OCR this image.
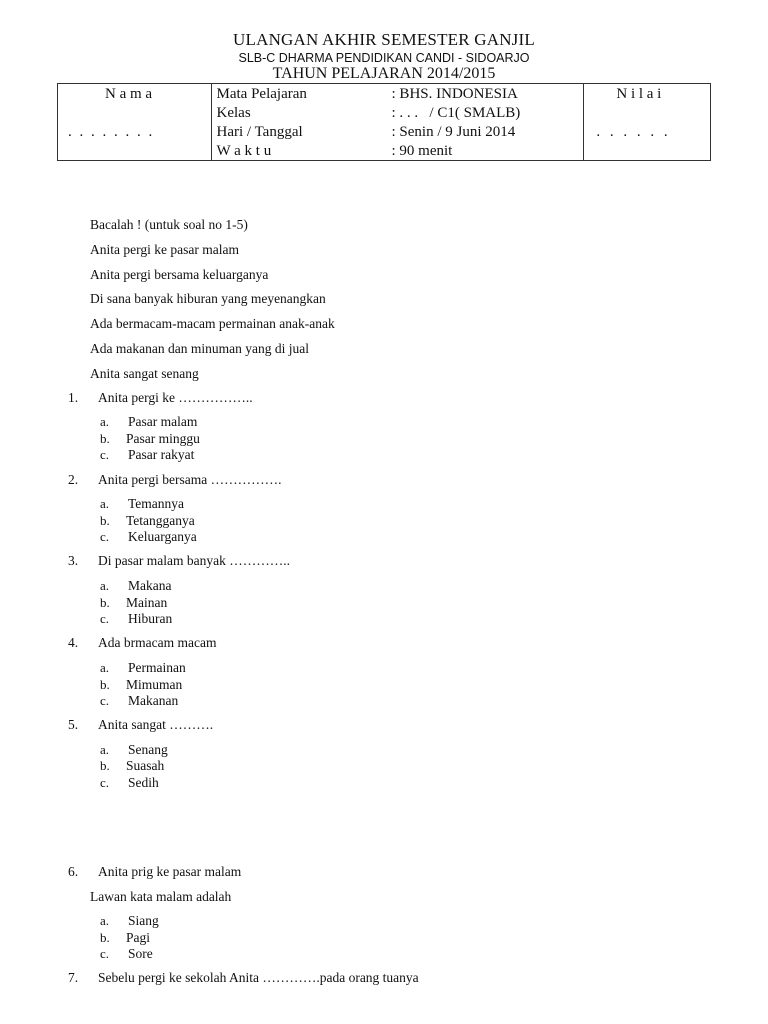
ULANGAN AKHIR SEMESTER GANJIL
SLB-C DHARMA PENDIDIKAN CANDI - SIDOARJO
TAHUN PELAJARAN 2014/2015
N a m a
. . . . . . . .

Mata Pelajaran	: BHS. INDONESIA
Kelas	: . . .   / C1( SMALB)
Hari / Tanggal	: Senin / 9 Juni 2014
W a k t u	: 90 menit

N i l a i
. . . . . .
Bacalah ! (untuk soal no 1-5)
Anita pergi ke pasar malam
Anita pergi bersama keluarganya
Di sana banyak hiburan yang meyenangkan
Ada bermacam-macam permainan anak-anak
Ada makanan dan minuman yang di jual
Anita sangat senang
1. Anita pergi ke ……………..
a. Pasar malam
b. Pasar minggu
c. Pasar rakyat
2. Anita pergi bersama …………….
a. Temannya
b. Tetangganya
c. Keluarganya
3. Di pasar malam banyak …………..
a. Makana
b. Mainan
c. Hiburan
4. Ada brmacam macam
a. Permainan
b. Mimuman
c. Makanan
5. Anita sangat ……….
a. Senang
b. Suasah
c. Sedih
6. Anita prig ke pasar malam
Lawan kata malam adalah
a. Siang
b. Pagi
c. Sore
7. Sebelu pergi ke sekolah Anita ………….pada orang tuanya
